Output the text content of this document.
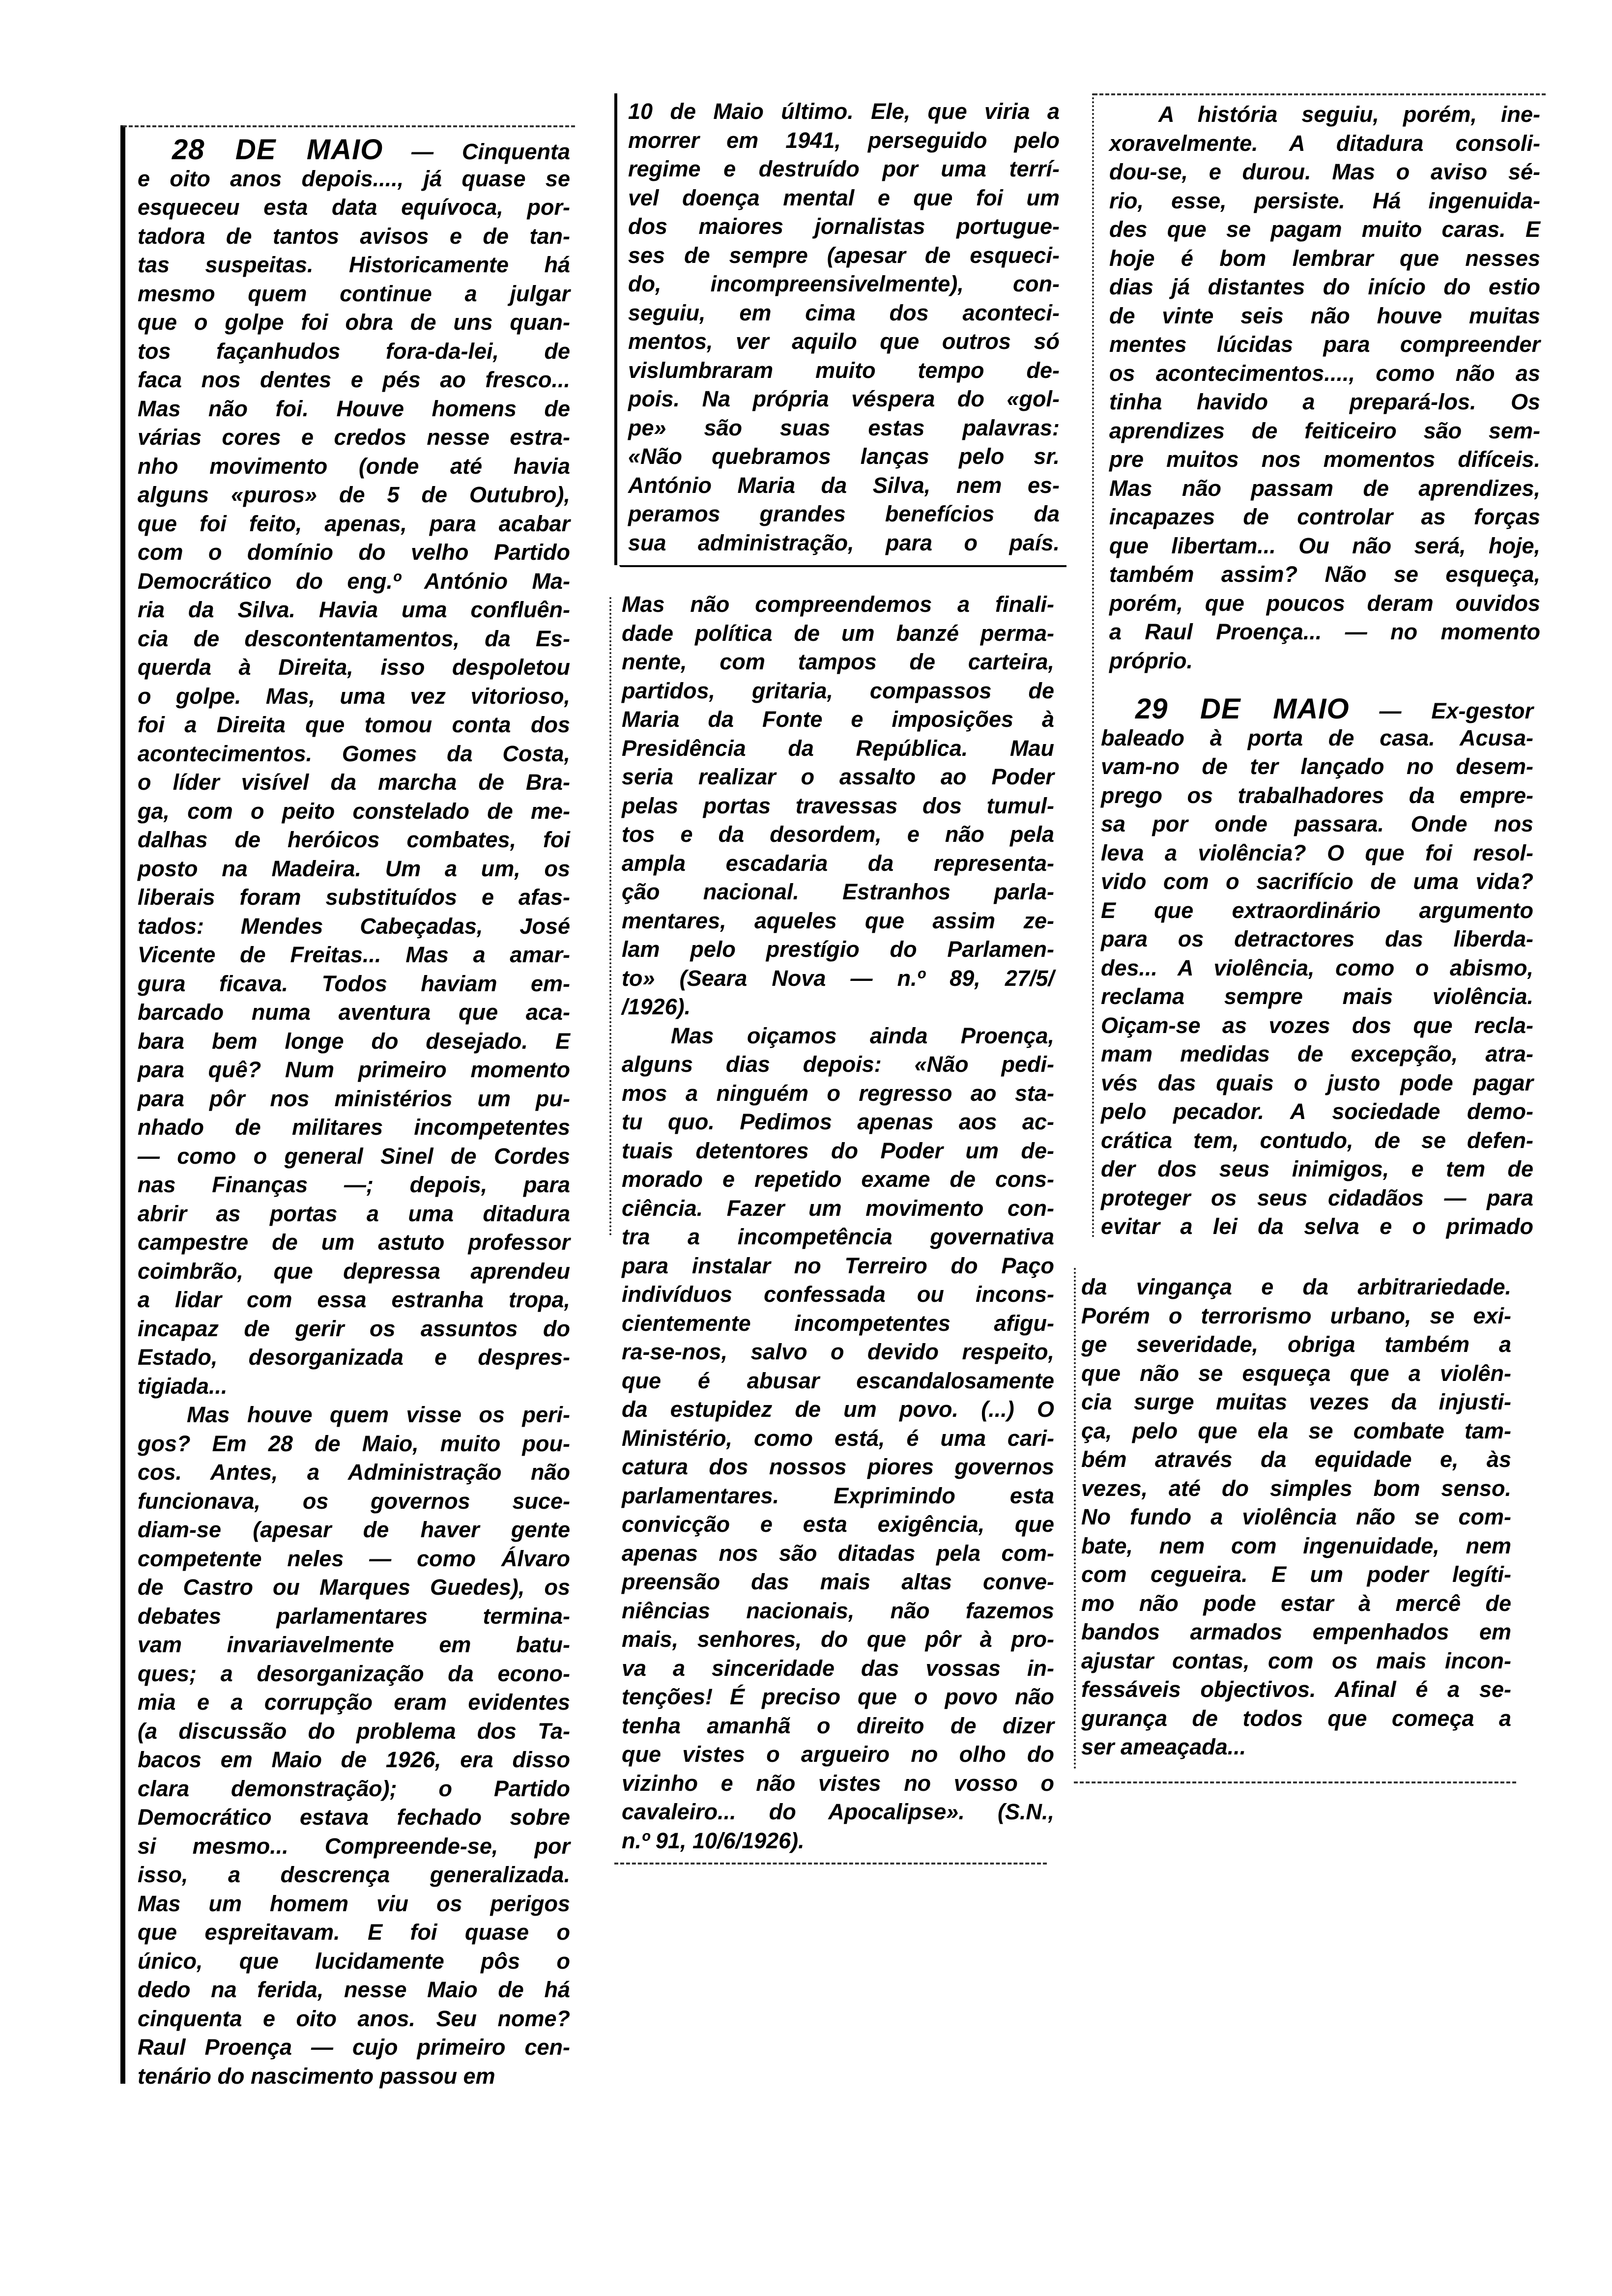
28 DE MAIO — Cinquenta
e oito anos depois...., já quase se
esqueceu esta data equívoca, por-
tadora de tantos avisos e de tan-
tas suspeitas. Historicamente há
mesmo quem continue a julgar
que o golpe foi obra de uns quan-
tos façanhudos fora-da-lei, de
faca nos dentes e pés ao fresco...
Mas não foi. Houve homens de
várias cores e credos nesse estra-
nho movimento (onde até havia
alguns «puros» de 5 de Outubro),
que foi feito, apenas, para acabar
com o domínio do velho Partido
Democrático do eng.º António Ma-
ria da Silva. Havia uma confluên-
cia de descontentamentos, da Es-
querda à Direita, isso despoletou
o golpe. Mas, uma vez vitorioso,
foi a Direita que tomou conta dos
acontecimentos. Gomes da Costa,
o líder visível da marcha de Bra-
ga, com o peito constelado de me-
dalhas de heróicos combates, foi
posto na Madeira. Um a um, os
liberais foram substituídos e afas-
tados: Mendes Cabeçadas, José
Vicente de Freitas... Mas a amar-
gura ficava. Todos haviam em-
barcado numa aventura que aca-
bara bem longe do desejado. E
para quê? Num primeiro momento
para pôr nos ministérios um pu-
nhado de militares incompetentes
— como o general Sinel de Cordes
nas Finanças —; depois, para
abrir as portas a uma ditadura
campestre de um astuto professor
coimbrão, que depressa aprendeu
a lidar com essa estranha tropa,
incapaz de gerir os assuntos do
Estado, desorganizada e despres-
tigiada...
Mas houve quem visse os peri-
gos? Em 28 de Maio, muito pou-
cos. Antes, a Administração não
funcionava, os governos suce-
diam-se (apesar de haver gente
competente neles — como Álvaro
de Castro ou Marques Guedes), os
debates parlamentares termina-
vam invariavelmente em batu-
ques; a desorganização da econo-
mia e a corrupção eram evidentes
(a discussão do problema dos Ta-
bacos em Maio de 1926, era disso
clara demonstração); o Partido
Democrático estava fechado sobre
si mesmo... Compreende-se, por
isso, a descrença generalizada.
Mas um homem viu os perigos
que espreitavam. E foi quase o
único, que lucidamente pôs o
dedo na ferida, nesse Maio de há
cinquenta e oito anos. Seu nome?
Raul Proença — cujo primeiro cen-
tenário do nascimento passou em
10 de Maio último. Ele, que viria a
morrer em 1941, perseguido pelo
regime e destruído por uma terrí-
vel doença mental e que foi um
dos maiores jornalistas portugue-
ses de sempre (apesar de esqueci-
do, incompreensivelmente), con-
seguiu, em cima dos aconteci-
mentos, ver aquilo que outros só
vislumbraram muito tempo de-
pois. Na própria véspera do «gol-
pe» são suas estas palavras:
«Não quebramos lanças pelo sr.
António Maria da Silva, nem es-
peramos grandes benefícios da
sua administração, para o país.
Mas não compreendemos a finali-
dade política de um banzé perma-
nente, com tampos de carteira,
partidos, gritaria, compassos de
Maria da Fonte e imposições à
Presidência da República. Mau
seria realizar o assalto ao Poder
pelas portas travessas dos tumul-
tos e da desordem, e não pela
ampla escadaria da representa-
ção nacional. Estranhos parla-
mentares, aqueles que assim ze-
lam pelo prestígio do Parlamen-
to» (Seara Nova — n.º 89, 27/5/
/1926).
Mas oiçamos ainda Proença,
alguns dias depois: «Não pedi-
mos a ninguém o regresso ao sta-
tu quo. Pedimos apenas aos ac-
tuais detentores do Poder um de-
morado e repetido exame de cons-
ciência. Fazer um movimento con-
tra a incompetência governativa
para instalar no Terreiro do Paço
indivíduos confessada ou incons-
cientemente incompetentes afigu-
ra-se-nos, salvo o devido respeito,
que é abusar escandalosamente
da estupidez de um povo. (...) O
Ministério, como está, é uma cari-
catura dos nossos piores governos
parlamentares. Exprimindo esta
convicção e esta exigência, que
apenas nos são ditadas pela com-
preensão das mais altas conve-
niências nacionais, não fazemos
mais, senhores, do que pôr à pro-
va a sinceridade das vossas in-
tenções! É preciso que o povo não
tenha amanhã o direito de dizer
que vistes o argueiro no olho do
vizinho e não vistes no vosso o
cavaleiro... do Apocalipse». (S.N.,
n.º 91, 10/6/1926).
A história seguiu, porém, ine-
xoravelmente. A ditadura consoli-
dou-se, e durou. Mas o aviso sé-
rio, esse, persiste. Há ingenuida-
des que se pagam muito caras. E
hoje é bom lembrar que nesses
dias já distantes do início do estio
de vinte seis não houve muitas
mentes lúcidas para compreender
os acontecimentos...., como não as
tinha havido a prepará-los. Os
aprendizes de feiticeiro são sem-
pre muitos nos momentos difíceis.
Mas não passam de aprendizes,
incapazes de controlar as forças
que libertam... Ou não será, hoje,
também assim? Não se esqueça,
porém, que poucos deram ouvidos
a Raul Proença... — no momento
próprio.
29 DE MAIO — Ex-gestor
baleado à porta de casa. Acusa-
vam-no de ter lançado no desem-
prego os trabalhadores da empre-
sa por onde passara. Onde nos
leva a violência? O que foi resol-
vido com o sacrifício de uma vida?
E que extraordinário argumento
para os detractores das liberda-
des... A violência, como o abismo,
reclama sempre mais violência.
Oiçam-se as vozes dos que recla-
mam medidas de excepção, atra-
vés das quais o justo pode pagar
pelo pecador. A sociedade demo-
crática tem, contudo, de se defen-
der dos seus inimigos, e tem de
proteger os seus cidadãos — para
evitar a lei da selva e o primado
da vingança e da arbitrariedade.
Porém o terrorismo urbano, se exi-
ge severidade, obriga também a
que não se esqueça que a violên-
cia surge muitas vezes da injusti-
ça, pelo que ela se combate tam-
bém através da equidade e, às
vezes, até do simples bom senso.
No fundo a violência não se com-
bate, nem com ingenuidade, nem
com cegueira. E um poder legíti-
mo não pode estar à mercê de
bandos armados empenhados em
ajustar contas, com os mais incon-
fessáveis objectivos. Afinal é a se-
gurança de todos que começa a
ser ameaçada...
